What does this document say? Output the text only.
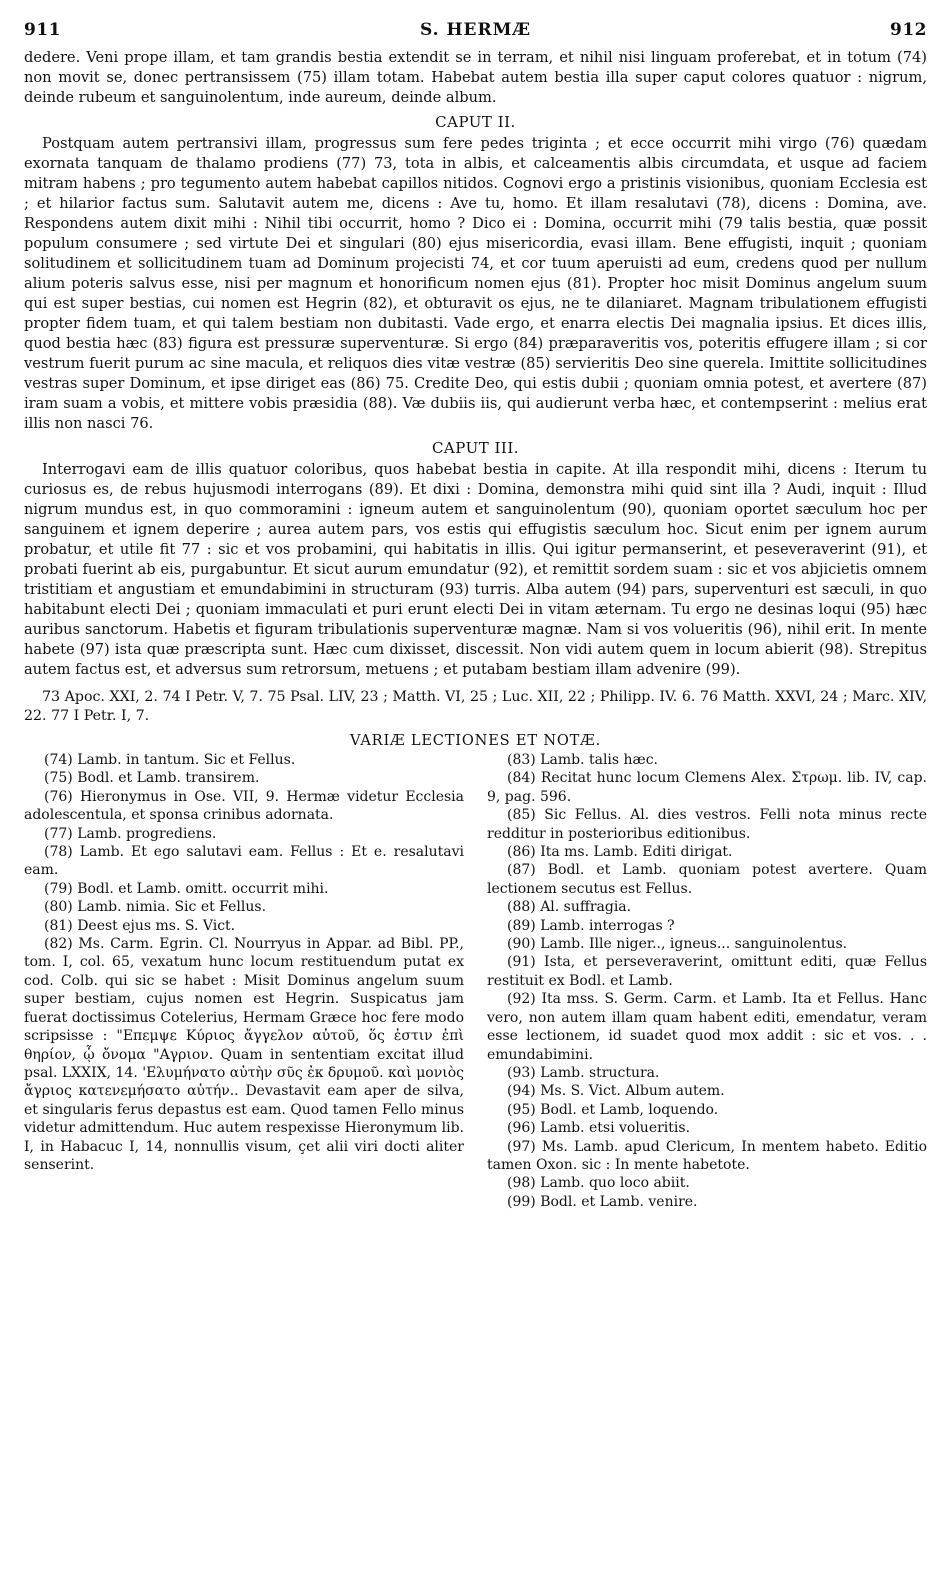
911	S. HERMÆ	912

dedere. Veni prope illam, et tam grandis bestia extendit se in terram, et nihil nisi linguam proferebat, et in totum (74) non movit se, donec pertransissem (75) illam totam. Habebat autem bestia illa super caput colores quatuor : nigrum, deinde rubeum et sanguinolentum, inde aureum, deinde album.

CAPUT II.

Postquam autem pertransivi illam, progressus sum fere pedes triginta ; et ecce occurrit mihi virgo (76) quædam exornata tanquam de thalamo prodiens (77) 73, tota in albis, et calceamentis albis circumdata, et usque ad faciem mitram habens ; pro tegumento autem habebat capillos nitidos. Cognovi ergo a pristinis visionibus, quoniam Ecclesia est ; et hilarior factus sum. Salutavit autem me, dicens : Ave tu, homo. Et illam resalutavi (78), dicens : Domina, ave. Respondens autem dixit mihi : Nihil tibi occurrit, homo ? Dico ei : Domina, occurrit mihi (79 talis bestia, quæ possit populum consumere ; sed virtute Dei et singulari (80) ejus misericordia, evasi illam. Bene effugisti, inquit ; quoniam solitudinem et sollicitudinem tuam ad Dominum projecisti 74, et cor tuum aperuisti ad eum, credens quod per nullum alium poteris salvus esse, nisi per magnum et honorificum nomen ejus (81). Propter hoc misit Dominus angelum suum qui est super bestias, cui nomen est Hegrin (82), et obturavit os ejus, ne te dilaniaret. Magnam tribulationem effugisti propter fidem tuam, et qui talem bestiam non dubitasti. Vade ergo, et enarra electis Dei magnalia ipsius. Et dices illis, quod bestia hæc (83) figura est pressuræ superventuræ. Si ergo (84) præparaveritis vos, poteritis effugere illam ; si cor vestrum fuerit purum ac sine macula, et reliquos dies vitæ vestræ (85) servieritis Deo sine querela. Imittite sollicitudines vestras super Dominum, et ipse diriget eas (86) 75. Credite Deo, qui estis dubii ; quoniam omnia potest, et avertere (87) iram suam a vobis, et mittere vobis præsidia (88). Væ dubiis iis, qui audierunt verba hæc, et contempserint : melius erat illis non nasci 76.

CAPUT III.

Interrogavi eam de illis quatuor coloribus, quos habebat bestia in capite. At illa respondit mihi, dicens : Iterum tu curiosus es, de rebus hujusmodi interrogans (89). Et dixi : Domina, demonstra mihi quid sint illa ? Audi, inquit : Illud nigrum mundus est, in quo commoramini : igneum autem et sanguinolentum (90), quoniam oportet sæculum hoc per sanguinem et ignem deperire ; aurea autem pars, vos estis qui effugistis sæculum hoc. Sicut enim per ignem aurum probatur, et utile fit 77 : sic et vos probamini, qui habitatis in illis. Qui igitur permanserint, et peseveraverint (91), et probati fuerint ab eis, purgabuntur. Et sicut aurum emundatur (92), et remittit sordem suam : sic et vos abjicietis omnem tristitiam et angustiam et emundabimini in structuram (93) turris. Alba autem (94) pars, superventuri est sæculi, in quo habitabunt electi Dei ; quoniam immaculati et puri erunt electi Dei in vitam æternam. Tu ergo ne desinas loqui (95) hæc auribus sanctorum. Habetis et figuram tribulationis superventuræ magnæ. Nam si vos volueritis (96), nihil erit. In mente habete (97) ista quæ præscripta sunt. Hæc cum dixisset, discessit. Non vidi autem quem in locum abierit (98). Strepitus autem factus est, et adversus sum retrorsum, metuens ; et putabam bestiam illam advenire (99).

73 Apoc. XXI, 2. 74 I Petr. V, 7. 75 Psal. LIV, 23 ; Matth. VI, 25 ; Luc. XII, 22 ; Philipp. IV. 6. 76 Matth. XXVI, 24 ; Marc. XIV, 22. 77 I Petr. I, 7.
VARIÆ LECTIONES ET NOTÆ.

(74) Lamb. in tantum. Sic et Fellus.

(75) Bodl. et Lamb. transirem.

(76) Hieronymus in Ose. VII, 9. Hermæ videtur Ecclesia adolescentula, et sponsa crinibus adornata.

(77) Lamb. progrediens.

(78) Lamb. Et ego salutavi eam. Fellus : Et e. resalutavi eam.

(79) Bodl. et Lamb. omitt. occurrit mihi.

(80) Lamb. nimia. Sic et Fellus.

(81) Deest ejus ms. S. Vict.

(82) Ms. Carm. Egrin. Cl. Nourryus in Appar. ad Bibl. PP., tom. I, col. 65, vexatum hunc locum restituendum putat ex cod. Colb. qui sic se habet : Misit Dominus angelum suum super bestiam, cujus nomen est Hegrin. Suspicatus jam fuerat doctissimus Cotelerius, Hermam Græce hoc fere modo scripsisse : "Επεμψε Κύριος ἄγγελον αὐτοῦ, ὅς ἐστιν ἐπὶ θηρίον, ᾧ ὄνομα "Αγριον. Quam in sententiam excitat illud psal. LXXIX, 14. 'Ελυμήνατο αὐτὴν σῦς ἐκ δρυμοῦ. καὶ μονιὸς ἄγριος κατενεμήσατο αὐτήν.. Devastavit eam aper de silva, et singularis ferus depastus est eam. Quod tamen Fello minus videtur admittendum. Huc autem respexisse Hieronymum lib. I, in Habacuc I, 14, nonnullis visum, çet alii viri docti aliter senserint.

(83) Lamb. talis hæc.

(84) Recitat hunc locum Clemens Alex. Στρωμ. lib. IV, cap. 9, pag. 596.

(85) Sic Fellus. Al. dies vestros. Felli nota minus recte redditur in posterioribus editionibus.

(86) Ita ms. Lamb. Editi dirigat.

(87) Bodl. et Lamb. quoniam potest avertere. Quam lectionem secutus est Fellus.

(88) Al. suffragia.

(89) Lamb. interrogas ?

(90) Lamb. Ille niger.., igneus... sanguinolentus.

(91) Ista, et perseveraverint, omittunt editi, quæ Fellus restituit ex Bodl. et Lamb.

(92) Ita mss. S. Germ. Carm. et Lamb. Ita et Fellus. Hanc vero, non autem illam quam habent editi, emendatur, veram esse lectionem, id suadet quod mox addit : sic et vos. . . emundabimini.

(93) Lamb. structura.

(94) Ms. S. Vict. Album autem.

(95) Bodl. et Lamb, loquendo.

(96) Lamb. etsi volueritis.

(97) Ms. Lamb. apud Clericum, In mentem habeto. Editio tamen Oxon. sic : In mente habetote.

(98) Lamb. quo loco abiit.

(99) Bodl. et Lamb. venire.
